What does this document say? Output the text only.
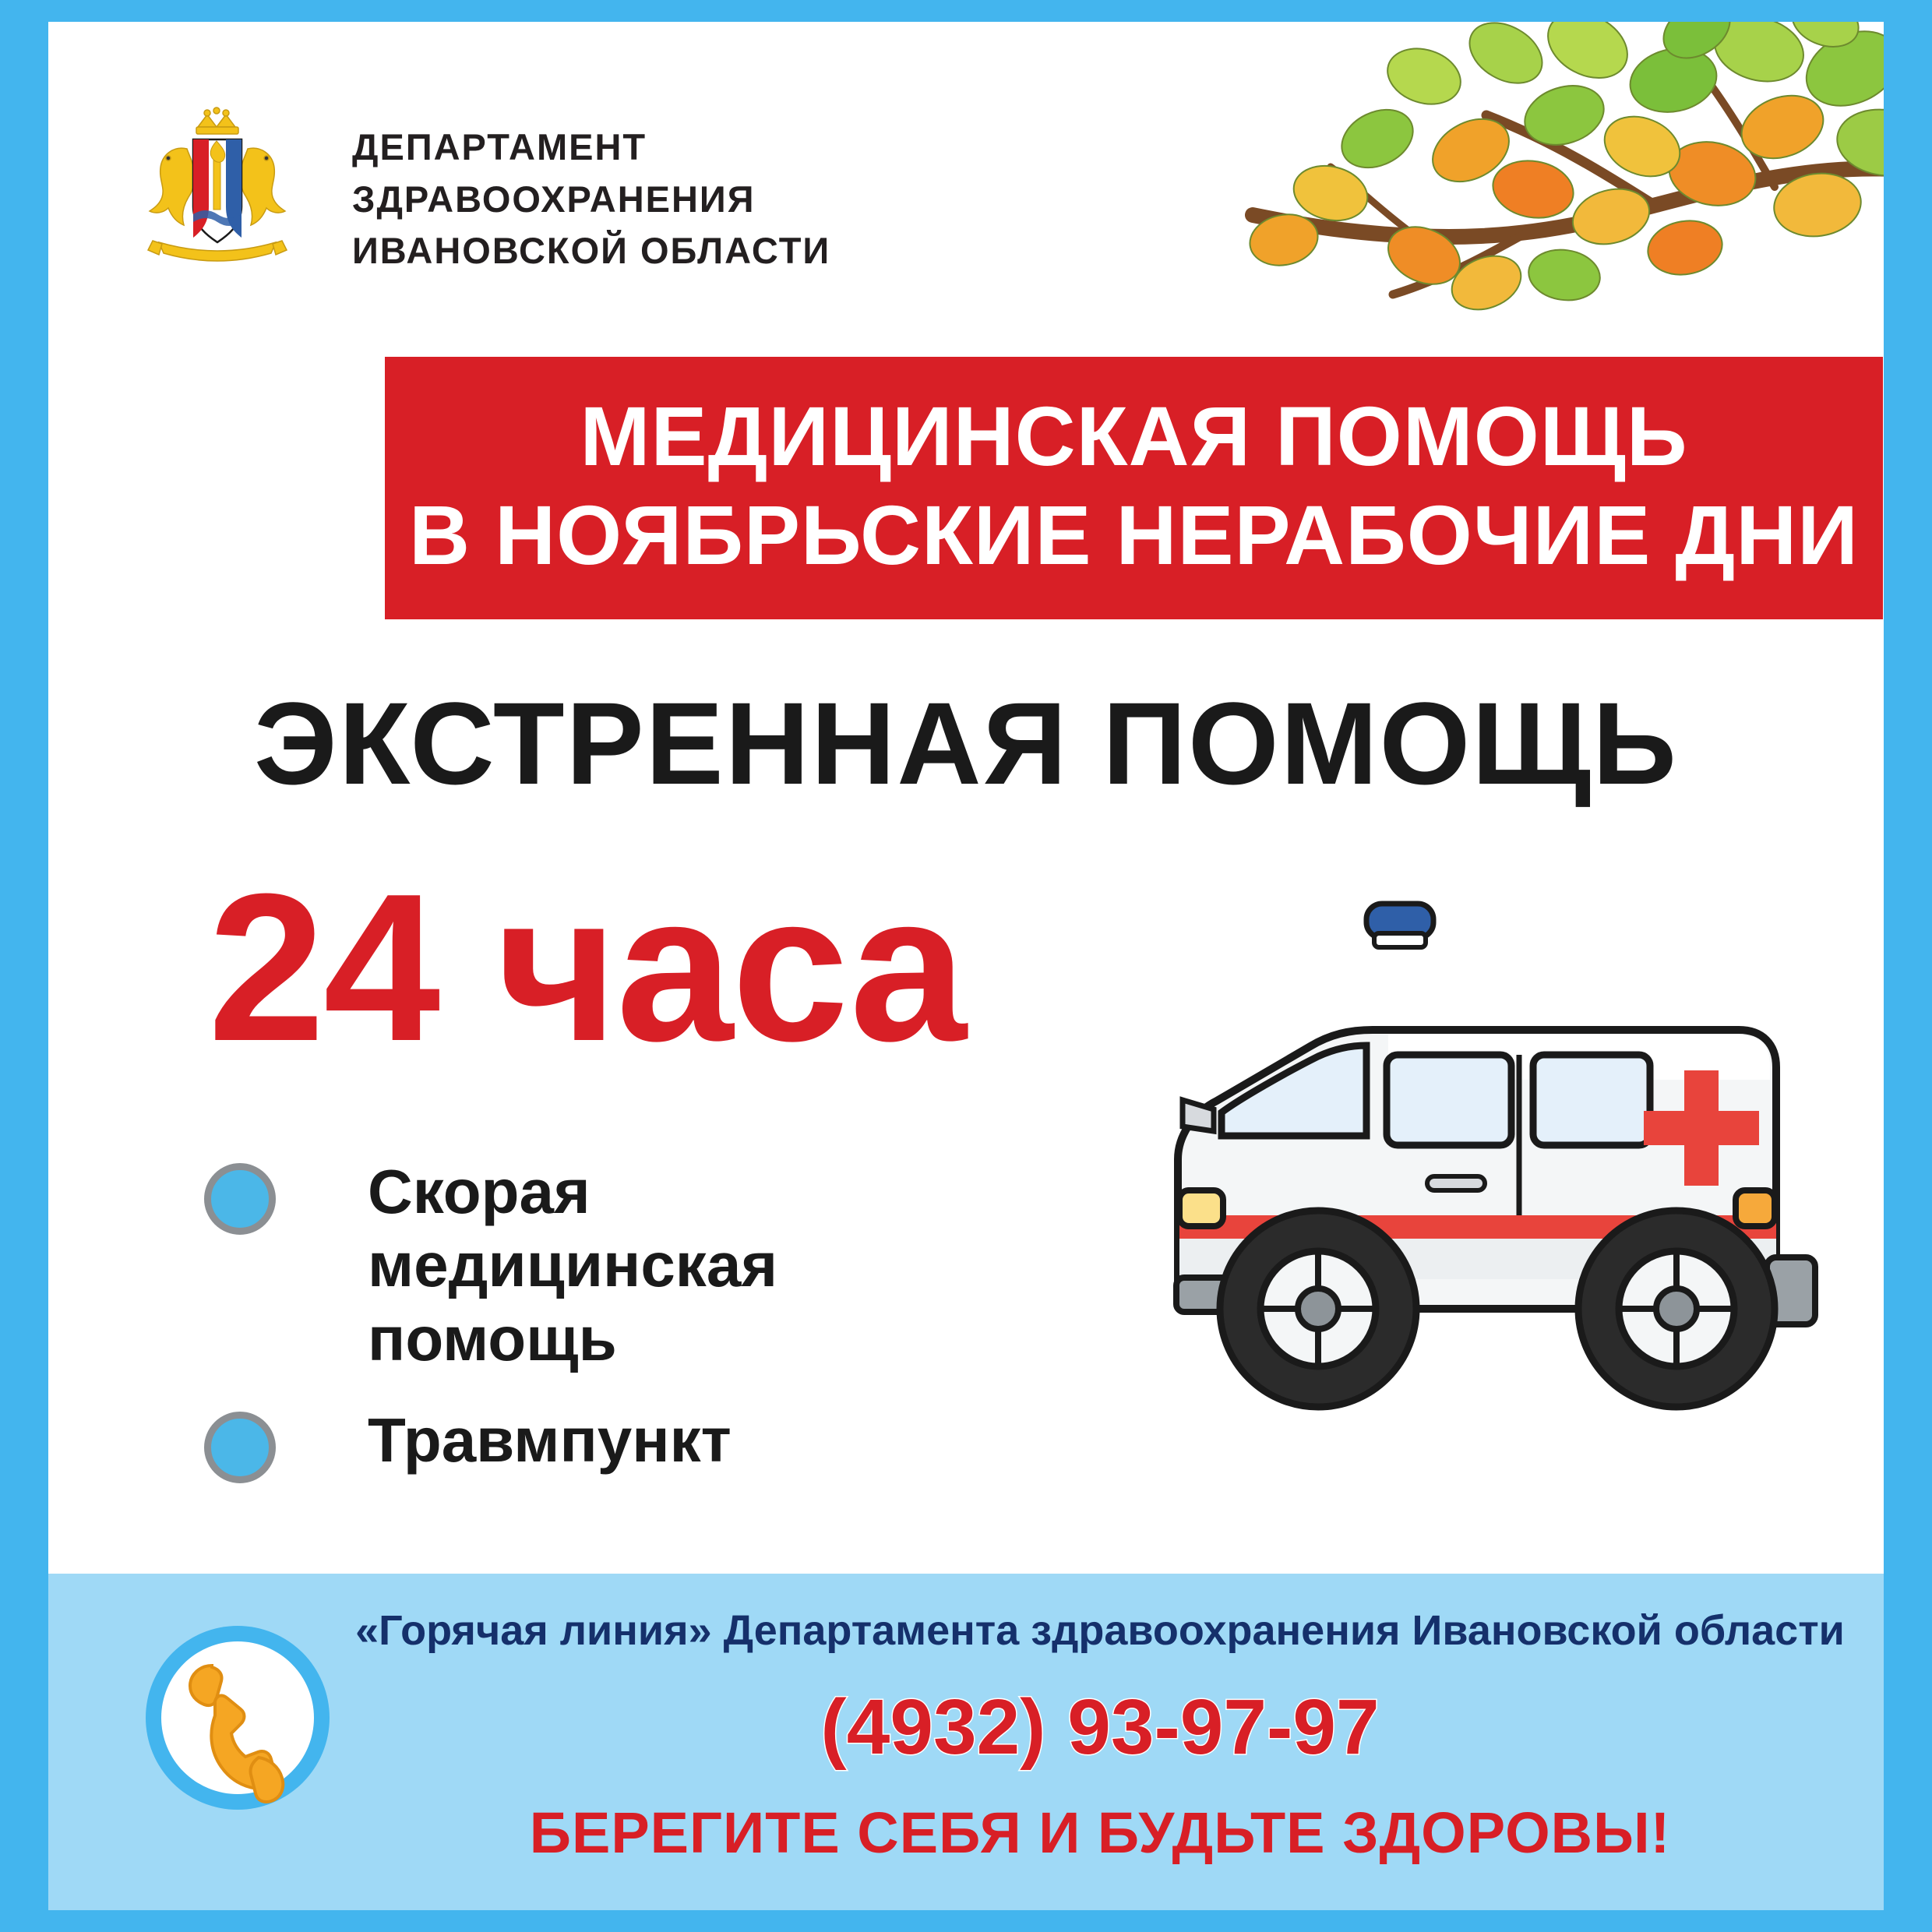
ДЕПАРТАМЕНТ
ЗДРАВООХРАНЕНИЯ
ИВАНОВСКОЙ ОБЛАСТИ
МЕДИЦИНСКАЯ ПОМОЩЬ
В НОЯБРЬСКИЕ НЕРАБОЧИЕ ДНИ
ЭКСТРЕННАЯ ПОМОЩЬ
24 часа
Скорая
медицинская
помощь
Травмпункт
«Горячая линия» Департамента здравоохранения Ивановской области
(4932) 93-97-97
БЕРЕГИТЕ СЕБЯ И БУДЬТЕ ЗДОРОВЫ!
